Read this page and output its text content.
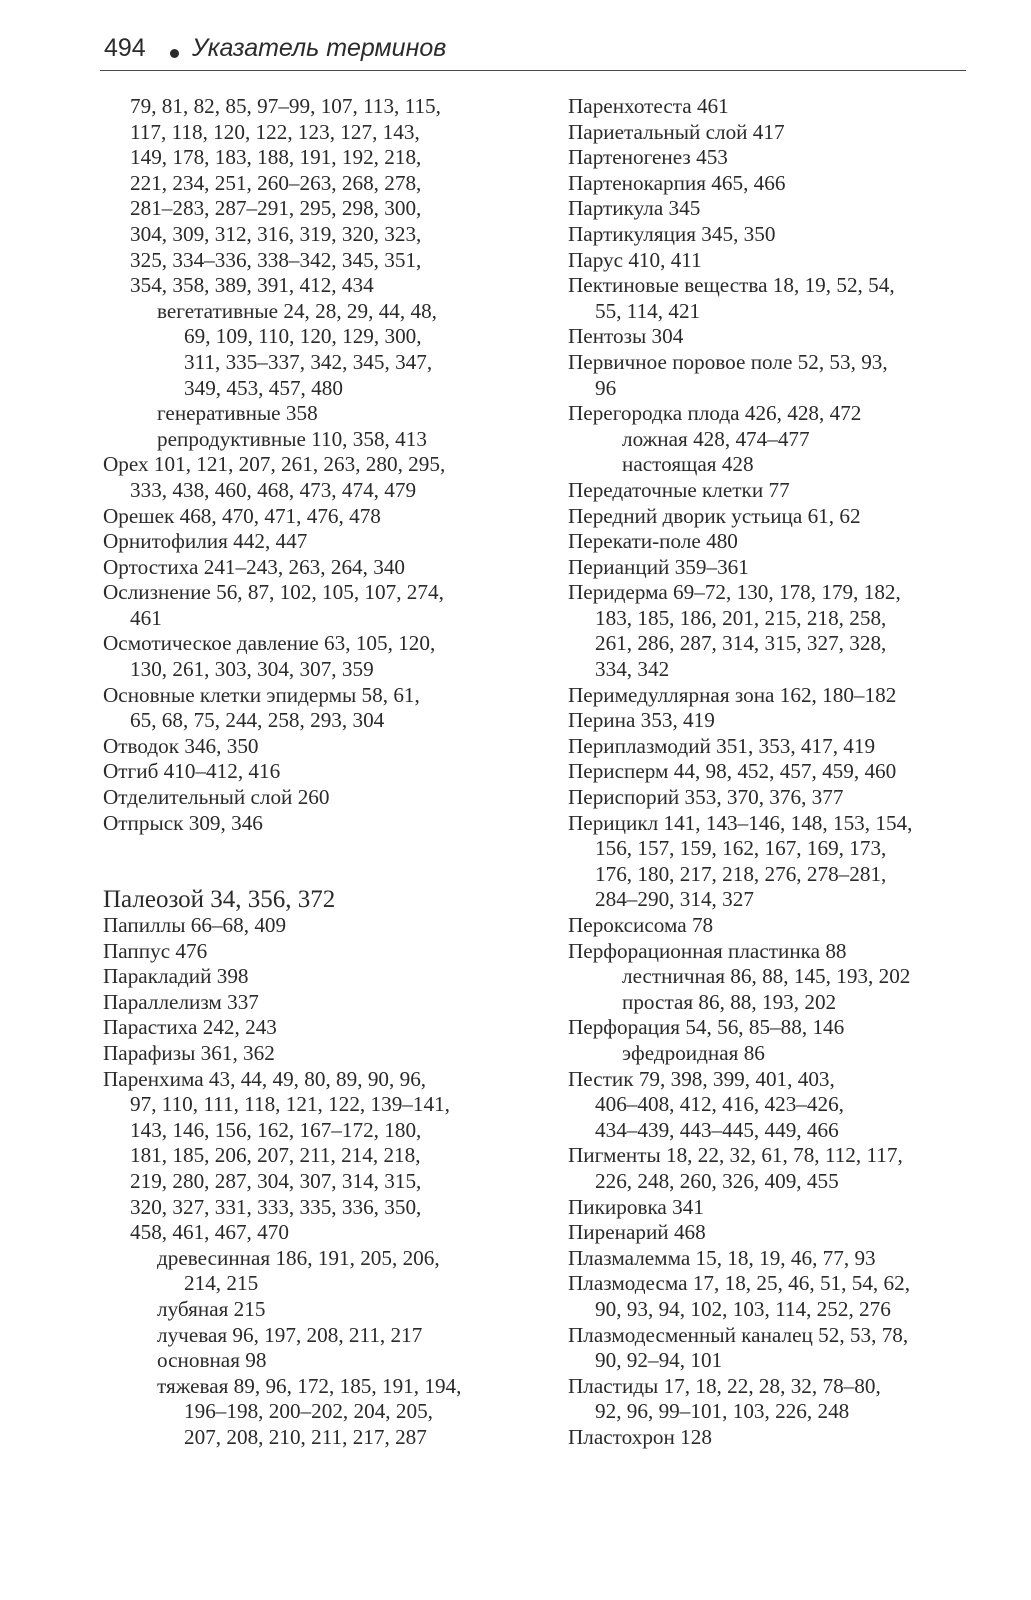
494 Указатель терминов
79, 81, 82, 85, 97–99, 107, 113, 115,
117, 118, 120, 122, 123, 127, 143,
149, 178, 183, 188, 191, 192, 218,
221, 234, 251, 260–263, 268, 278,
281–283, 287–291, 295, 298, 300,
304, 309, 312, 316, 319, 320, 323,
325, 334–336, 338–342, 345, 351,
354, 358, 389, 391, 412, 434
вегетативные 24, 28, 29, 44, 48,
69, 109, 110, 120, 129, 300,
311, 335–337, 342, 345, 347,
349, 453, 457, 480
генеративные 358
репродуктивные 110, 358, 413
Орех 101, 121, 207, 261, 263, 280, 295,
333, 438, 460, 468, 473, 474, 479
Орешек 468, 470, 471, 476, 478
Орнитофилия 442, 447
Ортостиха 241–243, 263, 264, 340
Ослизнение 56, 87, 102, 105, 107, 274,
461
Осмотическое давление 63, 105, 120,
130, 261, 303, 304, 307, 359
Основные клетки эпидермы 58, 61,
65, 68, 75, 244, 258, 293, 304
Отводок 346, 350
Отгиб 410–412, 416
Отделительный слой 260
Отпрыск 309, 346
Палеозой 34, 356, 372
Папиллы 66–68, 409
Паппус 476
Паракладий 398
Параллелизм 337
Парастиха 242, 243
Парафизы 361, 362
Паренхима 43, 44, 49, 80, 89, 90, 96,
97, 110, 111, 118, 121, 122, 139–141,
143, 146, 156, 162, 167–172, 180,
181, 185, 206, 207, 211, 214, 218,
219, 280, 287, 304, 307, 314, 315,
320, 327, 331, 333, 335, 336, 350,
458, 461, 467, 470
древесинная 186, 191, 205, 206,
214, 215
лубяная 215
лучевая 96, 197, 208, 211, 217
основная 98
тяжевая 89, 96, 172, 185, 191, 194,
196–198, 200–202, 204, 205,
207, 208, 210, 211, 217, 287
Паренхотеста 461
Париетальный слой 417
Партеногенез 453
Партенокарпия 465, 466
Партикула 345
Партикуляция 345, 350
Парус 410, 411
Пектиновые вещества 18, 19, 52, 54,
55, 114, 421
Пентозы 304
Первичное поровое поле 52, 53, 93,
96
Перегородка плода 426, 428, 472
ложная 428, 474–477
настоящая 428
Передаточные клетки 77
Передний дворик устьица 61, 62
Перекати-поле 480
Перианций 359–361
Перидерма 69–72, 130, 178, 179, 182,
183, 185, 186, 201, 215, 218, 258,
261, 286, 287, 314, 315, 327, 328,
334, 342
Перимедуллярная зона 162, 180–182
Перина 353, 419
Периплазмодий 351, 353, 417, 419
Перисперм 44, 98, 452, 457, 459, 460
Периспорий 353, 370, 376, 377
Перицикл 141, 143–146, 148, 153, 154,
156, 157, 159, 162, 167, 169, 173,
176, 180, 217, 218, 276, 278–281,
284–290, 314, 327
Пероксисома 78
Перфорационная пластинка 88
лестничная 86, 88, 145, 193, 202
простая 86, 88, 193, 202
Перфорация 54, 56, 85–88, 146
эфедроидная 86
Пестик 79, 398, 399, 401, 403,
406–408, 412, 416, 423–426,
434–439, 443–445, 449, 466
Пигменты 18, 22, 32, 61, 78, 112, 117,
226, 248, 260, 326, 409, 455
Пикировка 341
Пиренарий 468
Плазмалемма 15, 18, 19, 46, 77, 93
Плазмодесма 17, 18, 25, 46, 51, 54, 62,
90, 93, 94, 102, 103, 114, 252, 276
Плазмодесменный каналец 52, 53, 78,
90, 92–94, 101
Пластиды 17, 18, 22, 28, 32, 78–80,
92, 96, 99–101, 103, 226, 248
Пластохрон 128
